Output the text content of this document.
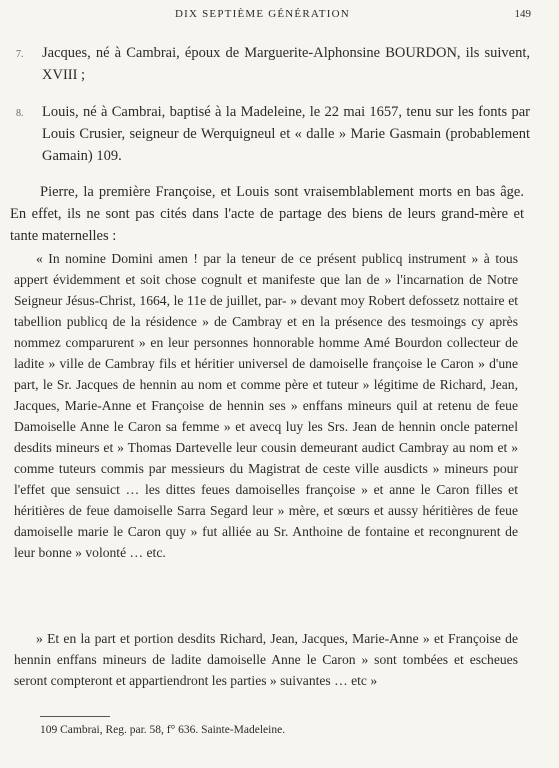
DIX SEPTIÈME GÉNÉRATION	149
7. Jacques, né à Cambrai, époux de Marguerite-Alphonsine BOURDON, ils suivent, XVIII ;
8. Louis, né à Cambrai, baptisé à la Madeleine, le 22 mai 1657, tenu sur les fonts par Louis Crusier, seigneur de Werquigneul et « dalle » Marie Gasmain (probablement Gamain) 109.
Pierre, la première Françoise, et Louis sont vraisemblablement morts en bas âge. En effet, ils ne sont pas cités dans l'acte de partage des biens de leurs grand-mère et tante maternelles :
« In nomine Domini amen ! par la teneur de ce présent publicq instrument » à tous appert évidemment et soit chose cognult et manifeste que lan de » l'incarnation de Notre Seigneur Jésus-Christ, 1664, le 11e de juillet, par- » devant moy Robert defossetz nottaire et tabellion publicq de la résidence » de Cambray et en la présence des tesmoings cy après nommez comparurent » en leur personnes honnorable homme Amé Bourdon collecteur de ladite » ville de Cambray fils et héritier universel de damoiselle françoise le Caron » d'une part, le Sr. Jacques de hennin au nom et comme père et tuteur » légitime de Richard, Jean, Jacques, Marie-Anne et Françoise de hennin ses » enffans mineurs quil at retenu de feue Damoiselle Anne le Caron sa femme » et avecq luy les Srs. Jean de hennin oncle paternel desdits mineurs et » Thomas Dartevelle leur cousin demeurant audict Cambray au nom et » comme tuteurs commis par messieurs du Magistrat de ceste ville ausdicts » mineurs pour l'effet que sensuict … les dittes feues damoiselles françoise » et anne le Caron filles et héritières de feue damoiselle Sarra Segard leur » mère, et sœurs et aussy héritières de feue damoiselle marie le Caron quy » fut alliée au Sr. Anthoine de fontaine et recongnurent de leur bonne » volonté … etc.
» Et en la part et portion desdits Richard, Jean, Jacques, Marie-Anne » et Françoise de hennin enffans mineurs de ladite damoiselle Anne le Caron » sont tombées et escheues seront compteront et appartiendront les parties » suivantes … etc »
109 Cambrai, Reg. par. 58, f° 636. Sainte-Madeleine.
